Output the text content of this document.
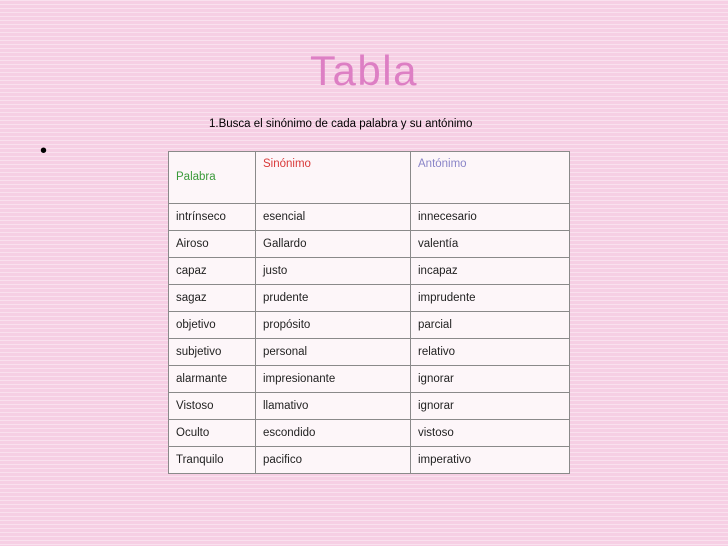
Tabla
•
1.Busca el sinónimo de cada palabra y su antónimo
Palabra	Sinónimo	Antónimo
intrínseco	esencial	innecesario
Airoso	Gallardo	valentía
capaz	justo	incapaz
sagaz	prudente	imprudente
objetivo	propósito	parcial
subjetivo	personal	relativo
alarmante	impresionante	ignorar
Vistoso	llamativo	ignorar
Oculto	escondido	vistoso
Tranquilo	pacifico	imperativo
